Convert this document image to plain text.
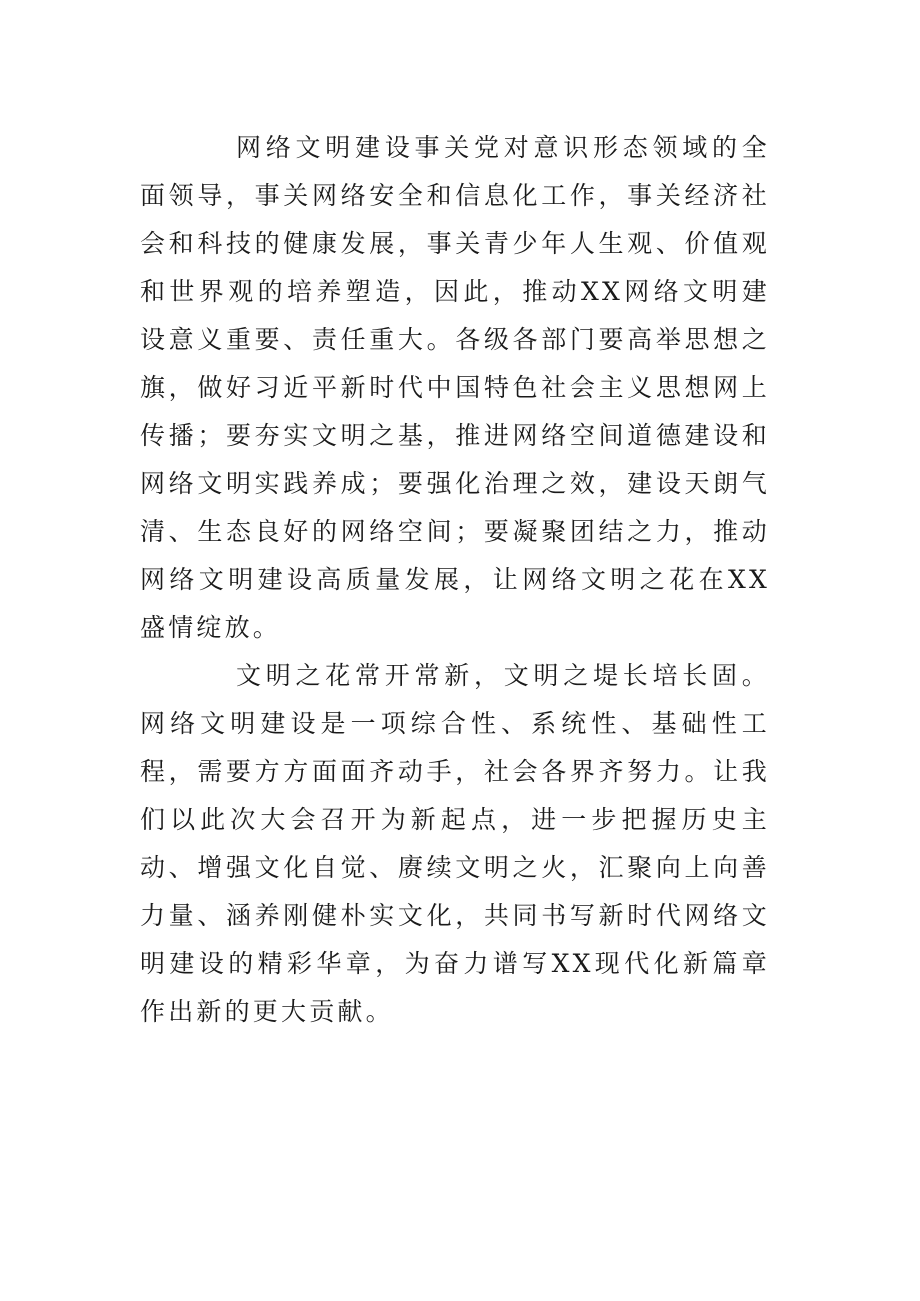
网络文明建设事关党对意识形态领域的全面领导，事关网络安全和信息化工作，事关经济社会和科技的健康发展，事关青少年人生观、价值观和世界观的培养塑造，因此，推动XX网络文明建设意义重要、责任重大。各级各部门要高举思想之旗，做好习近平新时代中国特色社会主义思想网上传播；要夯实文明之基，推进网络空间道德建设和网络文明实践养成；要强化治理之效，建设天朗气清、生态良好的网络空间；要凝聚团结之力，推动网络文明建设高质量发展，让网络文明之花在XX盛情绽放。

文明之花常开常新，文明之堤长培长固。网络文明建设是一项综合性、系统性、基础性工程，需要方方面面齐动手，社会各界齐努力。让我们以此次大会召开为新起点，进一步把握历史主动、增强文化自觉、赓续文明之火，汇聚向上向善力量、涵养刚健朴实文化，共同书写新时代网络文明建设的精彩华章，为奋力谱写XX现代化新篇章作出新的更大贡献。
